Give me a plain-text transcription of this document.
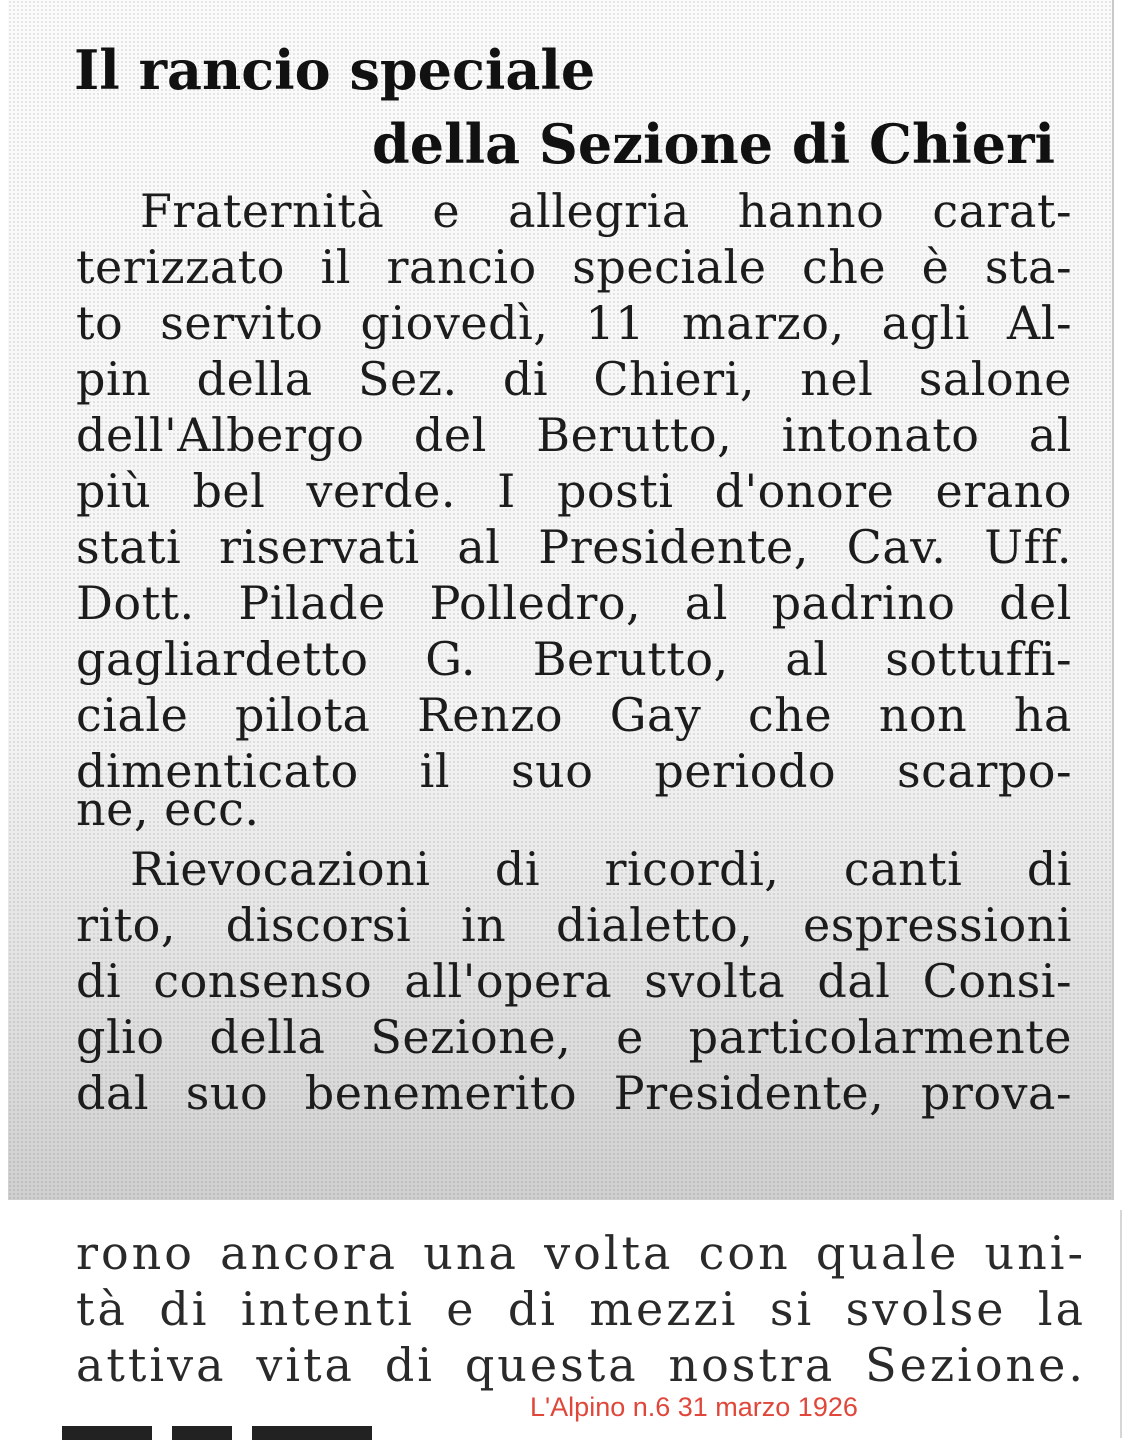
Il rancio speciale
della Sezione di Chieri

Fraternità e allegria hanno carat-

terizzato il rancio speciale che è sta-

to servito giovedì, 11 marzo, agli Al-

pin della Sez. di Chieri, nel salone

dell'Albergo del Berutto, intonato al

più bel verde. I posti d'onore erano

stati riservati al Presidente, Cav. Uff.

Dott. Pilade Polledro, al padrino del

gagliardetto G. Berutto, al sottuffi-

ciale pilota Renzo Gay che non ha

dimenticato il suo periodo scarpo-

ne, ecc.

Rievocazioni di ricordi, canti di

rito, discorsi in dialetto, espressioni

di consenso all'opera svolta dal Consi-

glio della Sezione, e particolarmente

dal suo benemerito Presidente, prova-

rono ancora una volta con quale uni-

tà di intenti e di mezzi si svolse la

attiva vita di questa nostra Sezione.

L'Alpino n.6 31 marzo 1926
